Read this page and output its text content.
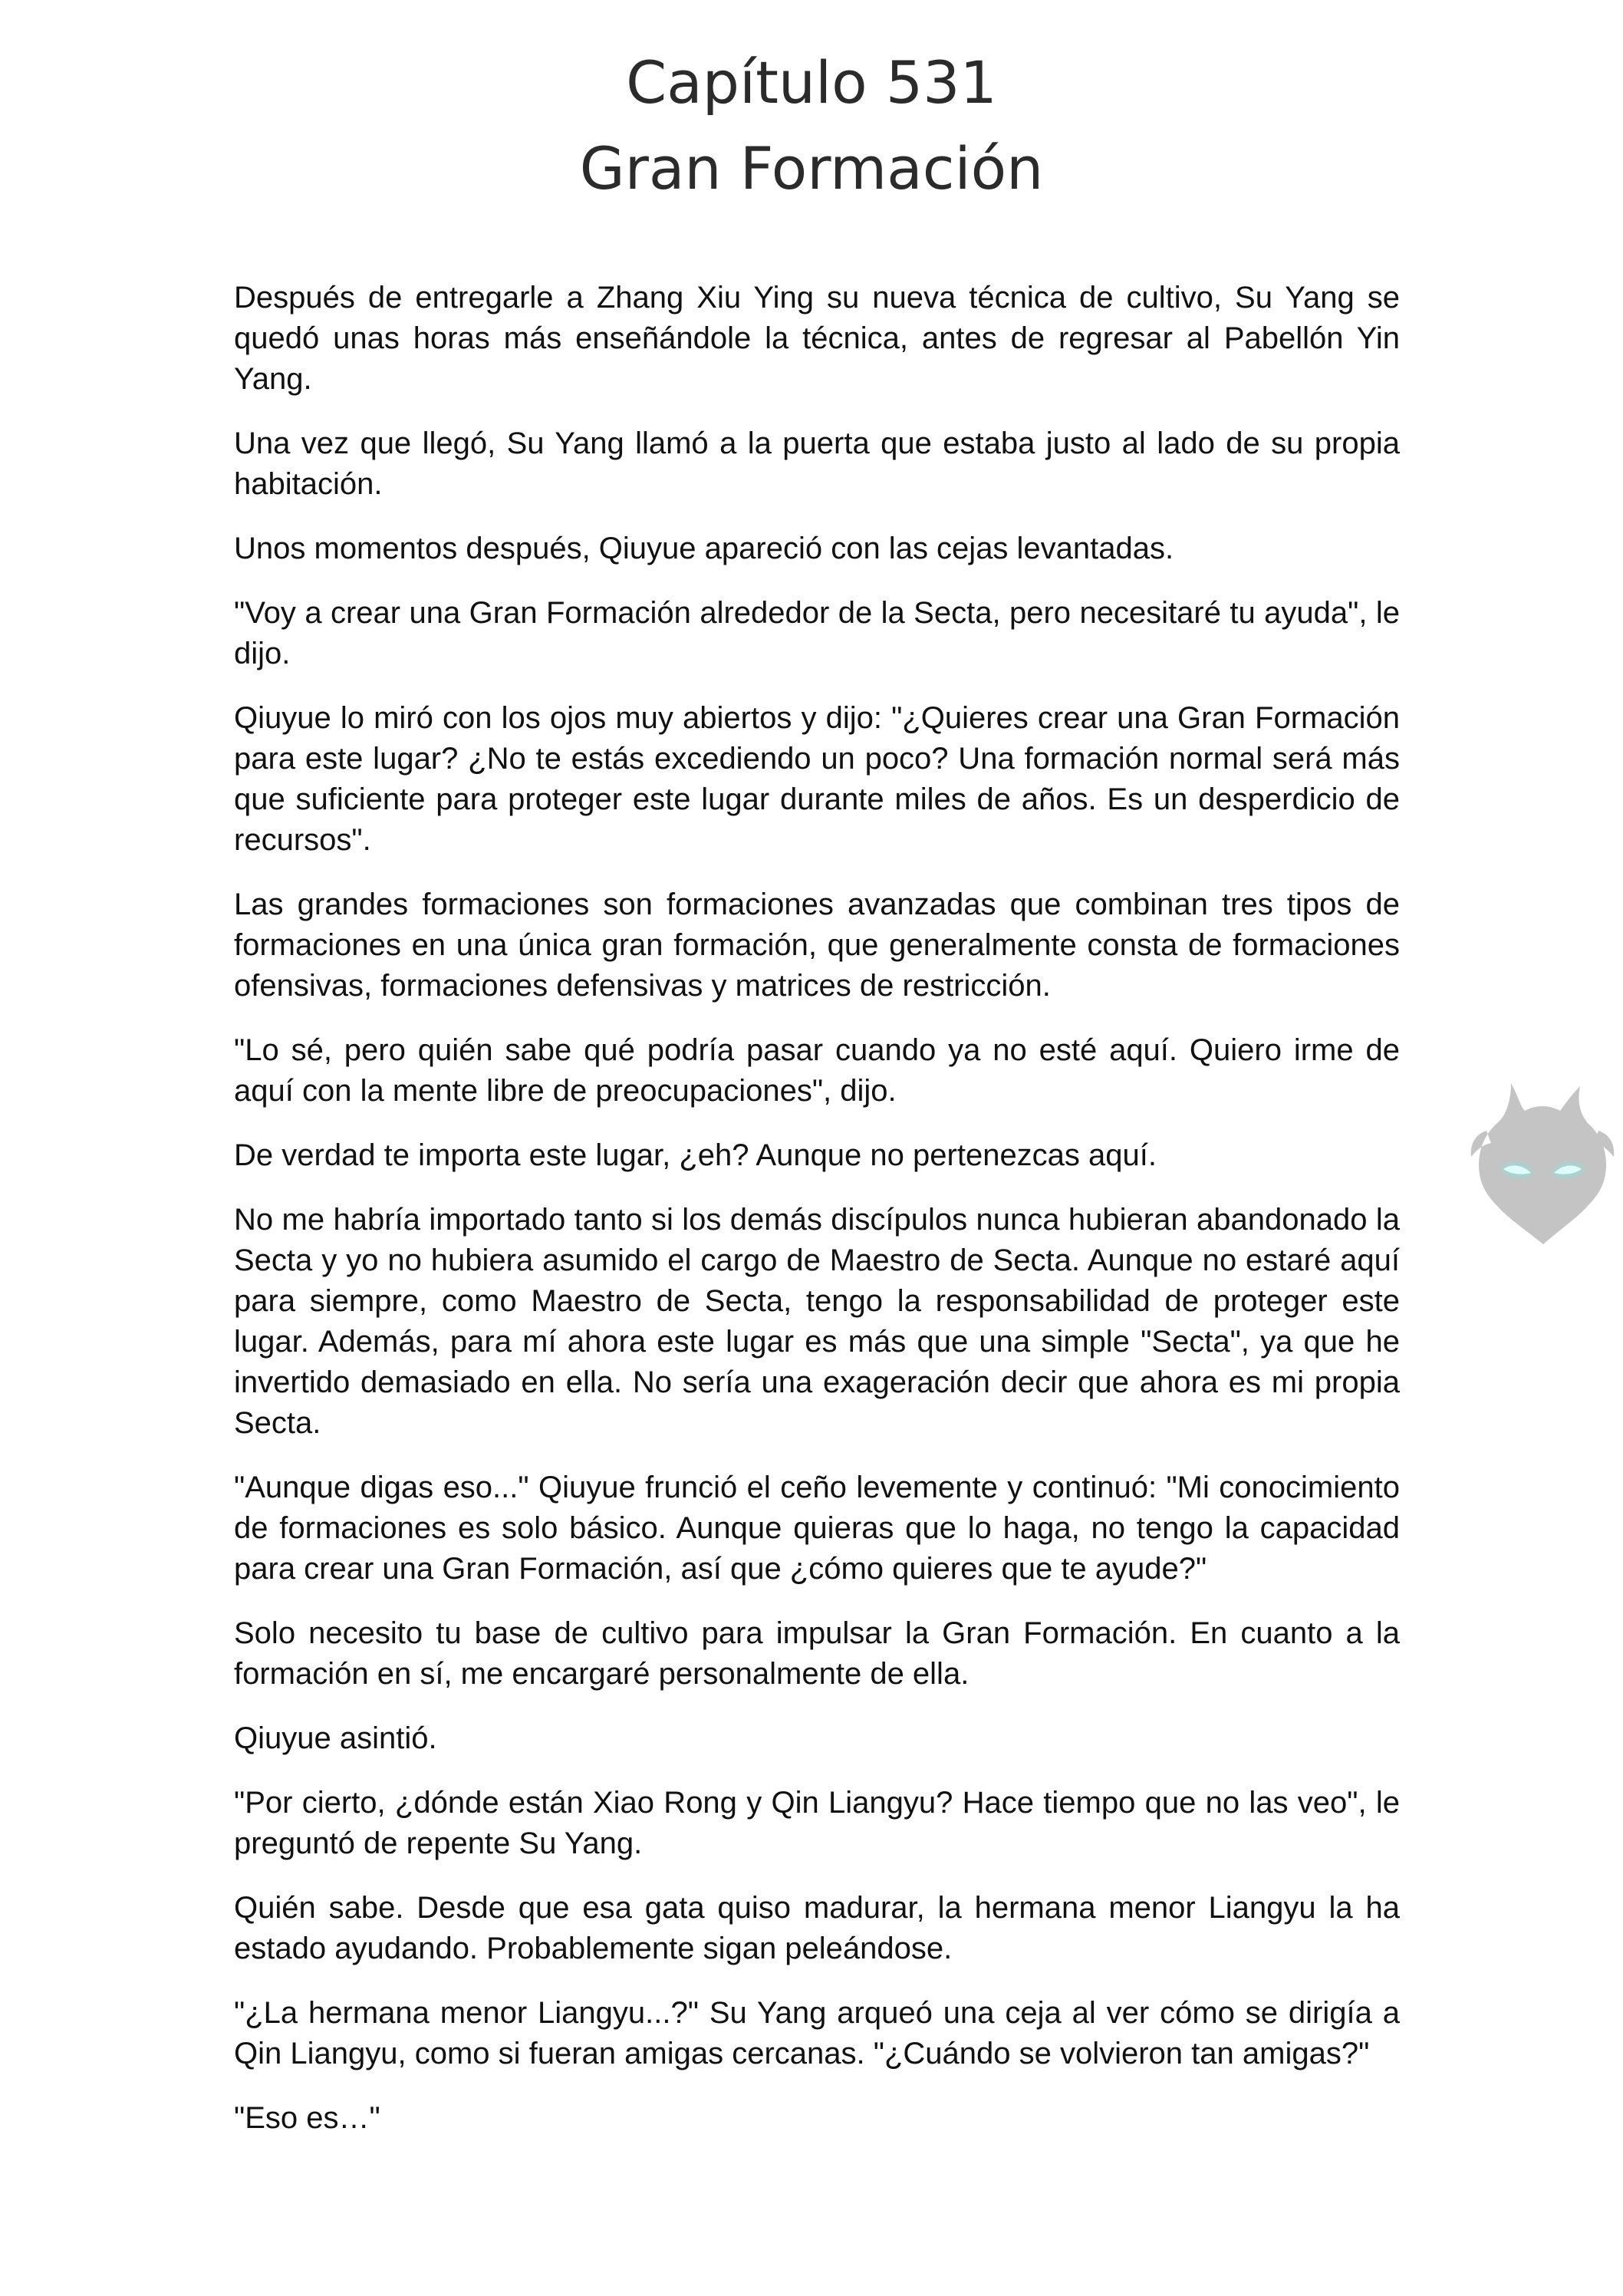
Capítulo 531
Gran Formación

Después de entregarle a Zhang Xiu Ying su nueva técnica de cultivo, Su Yang se quedó unas horas más enseñándole la técnica, antes de regresar al Pabellón Yin Yang.

Una vez que llegó, Su Yang llamó a la puerta que estaba justo al lado de su propia habitación.

Unos momentos después, Qiuyue apareció con las cejas levantadas.

"Voy a crear una Gran Formación alrededor de la Secta, pero necesitaré tu ayuda", le dijo.

Qiuyue lo miró con los ojos muy abiertos y dijo: "¿Quieres crear una Gran Formación para este lugar? ¿No te estás excediendo un poco? Una formación normal será más que suficiente para proteger este lugar durante miles de años. Es un desperdicio de recursos".

Las grandes formaciones son formaciones avanzadas que combinan tres tipos de formaciones en una única gran formación, que generalmente consta de formaciones ofensivas, formaciones defensivas y matrices de restricción.

"Lo sé, pero quién sabe qué podría pasar cuando ya no esté aquí. Quiero irme de aquí con la mente libre de preocupaciones", dijo.

De verdad te importa este lugar, ¿eh? Aunque no pertenezcas aquí.

No me habría importado tanto si los demás discípulos nunca hubieran abandonado la Secta y yo no hubiera asumido el cargo de Maestro de Secta. Aunque no estaré aquí para siempre, como Maestro de Secta, tengo la responsabilidad de proteger este lugar. Además, para mí ahora este lugar es más que una simple "Secta", ya que he invertido demasiado en ella. No sería una exageración decir que ahora es mi propia Secta.

"Aunque digas eso..." Qiuyue frunció el ceño levemente y continuó: "Mi conocimiento de formaciones es solo básico. Aunque quieras que lo haga, no tengo la capacidad para crear una Gran Formación, así que ¿cómo quieres que te ayude?"

Solo necesito tu base de cultivo para impulsar la Gran Formación. En cuanto a la formación en sí, me encargaré personalmente de ella.

Qiuyue asintió.

"Por cierto, ¿dónde están Xiao Rong y Qin Liangyu? Hace tiempo que no las veo", le preguntó de repente Su Yang.

Quién sabe. Desde que esa gata quiso madurar, la hermana menor Liangyu la ha estado ayudando. Probablemente sigan peleándose.

"¿La hermana menor Liangyu...?" Su Yang arqueó una ceja al ver cómo se dirigía a Qin Liangyu, como si fueran amigas cercanas. "¿Cuándo se volvieron tan amigas?"

"Eso es…"
